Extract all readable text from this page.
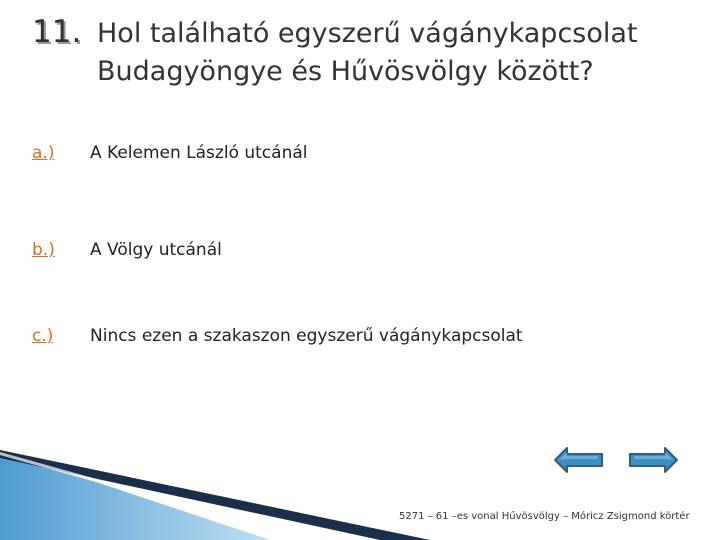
11. Hol található egyszerű vágánykapcsolat
Budagyöngye és Hűvösvölgy között?
a.) A Kelemen László utcánál
b.) A Völgy utcánál
c.) Nincs ezen a szakaszon egyszerű vágánykapcsolat
5271 – 61 –es vonal Hűvösvölgy – Móricz Zsigmond körtér
